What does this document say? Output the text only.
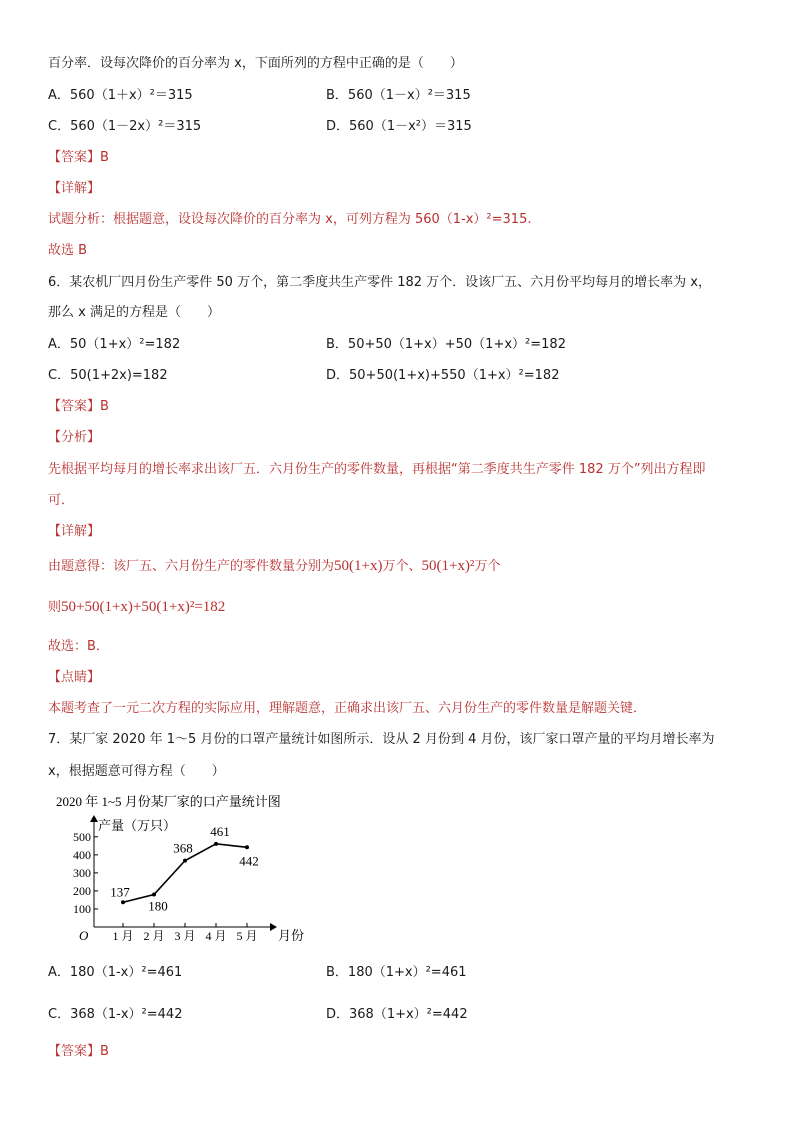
百分率．设每次降价的百分率为 x，下面所列的方程中正确的是（　　）
A．560（1＋x）²＝315	B．560（1－x）²＝315
C．560（1－2x）²＝315	D．560（1－x²）＝315
【答案】B
【详解】
试题分析：根据题意，设设每次降价的百分率为 x，可列方程为 560（1-x）²=315.
故选 B
6．某农机厂四月份生产零件 50 万个，第二季度共生产零件 182 万个．设该厂五、六月份平均每月的增长率为 x，
那么 x 满足的方程是（　　）
A．50（1+x）²=182	B．50+50（1+x）+50（1+x）²=182
C．50(1+2x)=182	D．50+50(1+x)+550（1+x）²=182
【答案】B
【分析】
先根据平均每月的增长率求出该厂五．六月份生产的零件数量，再根据“第二季度共生产零件 182 万个”列出方程即
可．
【详解】
由题意得：该厂五、六月份生产的零件数量分别为50(1+x)万个、50(1+x)²万个
则50+50(1+x)+50(1+x)²=182
故选：B．
【点睛】
本题考查了一元二次方程的实际应用，理解题意，正确求出该厂五、六月份生产的零件数量是解题关键．
7．某厂家 2020 年 1～5 月份的口罩产量统计如图所示．设从 2 月份到 4 月份，该厂家口罩产量的平均月增长率为
x，根据题意可得方程（　　）
2020 年 1~5 月份某厂家的口产量统计图
产量（万只）
月份
O
100
200
300
400
500
1 月 2 月 3 月 4 月 5 月
137
180
368
461
442
A．180（1-x）²=461	B．180（1+x）²=461
C．368（1-x）²=442	D．368（1+x）²=442
【答案】B
